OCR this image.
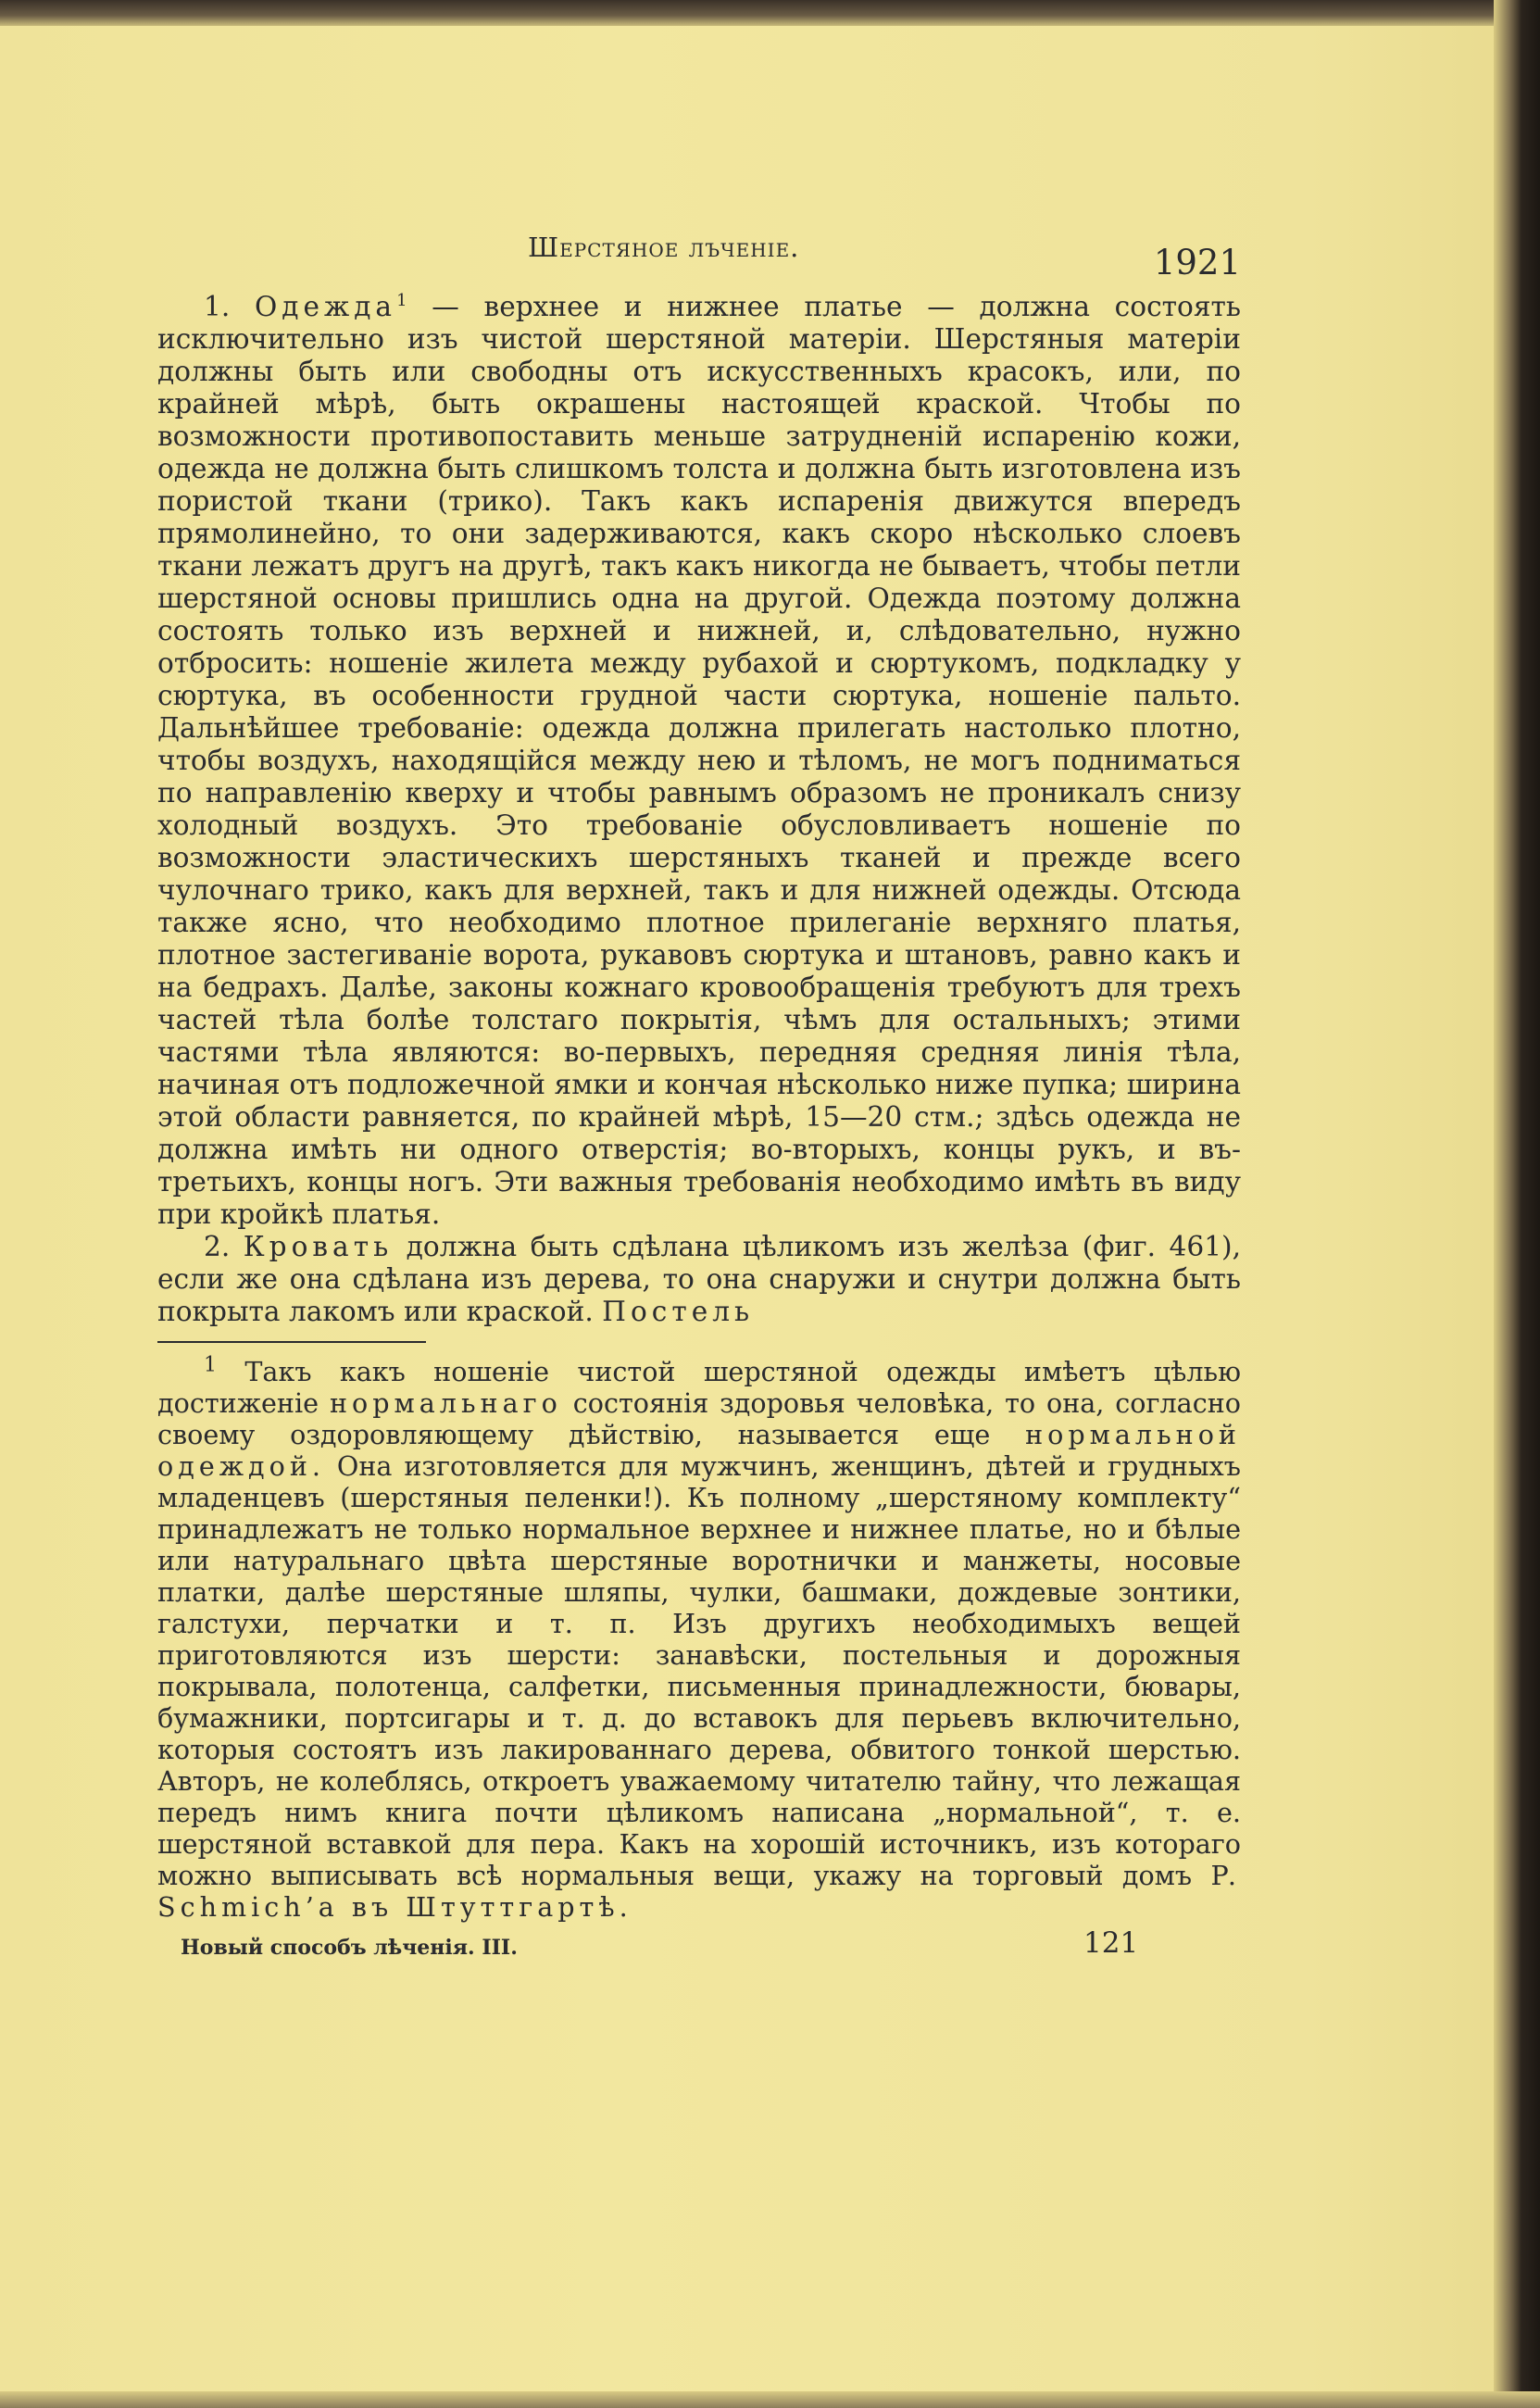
Шерстяное лъченіе.	1921

1. Одежда$^1$ — верхнее и нижнее платье — должна состоять исключительно изъ чистой шерстяной матеріи. Шерстяныя матеріи должны быть или свободны отъ искусственныхъ красокъ, или, по крайней мѣрѣ, быть окрашены настоящей краской. Чтобы по возможности противопоставить меньше затрудненій испаренію кожи, одежда не должна быть слишкомъ толста и должна быть изготовлена изъ пористой ткани (трико). Такъ какъ испаренія движутся впередъ прямолинейно, то они задерживаются, какъ скоро нѣсколько слоевъ ткани лежатъ другъ на другѣ, такъ какъ никогда не бываетъ, чтобы петли шерстяной основы пришлись одна на другой. Одежда поэтому должна состоять только изъ верхней и нижней, и, слѣдовательно, нужно отбросить: ношеніе жилета между рубахой и сюртукомъ, подкладку у сюртука, въ особенности грудной части сюртука, ношеніе пальто. Дальнѣйшее требованіе: одежда должна прилегать настолько плотно, чтобы воздухъ, находящійся между нею и тѣломъ, не могъ подниматься по направленію кверху и чтобы равнымъ образомъ не проникалъ снизу холодный воздухъ. Это требованіе обусловливаетъ ношеніе по возможности эластическихъ шерстяныхъ тканей и прежде всего чулочнаго трико, какъ для верхней, такъ и для нижней одежды. Отсюда также ясно, что необходимо плотное прилеганіе верхняго платья, плотное застегиваніе ворота, рукавовъ сюртука и штановъ, равно какъ и на бедрахъ. Далѣе, законы кожнаго кровообращенія требуютъ для трехъ частей тѣла болѣе толстаго покрытія, чѣмъ для остальныхъ; этими частями тѣла являются: во-первыхъ, передняя средняя линія тѣла, начиная отъ подложечной ямки и кончая нѣсколько ниже пупка; ширина этой области равняется, по крайней мѣрѣ, 15—20 стм.; здѣсь одежда не должна имѣть ни одного отверстія; во-вторыхъ, концы рукъ, и въ-третьихъ, концы ногъ. Эти важныя требованія необходимо имѣть въ виду при кройкѣ платья.

2. Кровать должна быть сдѣлана цѣликомъ изъ желѣза (фиг. 461), если же она сдѣлана изъ дерева, то она снаружи и снутри должна быть покрыта лакомъ или краской. Постель

$^1$ Такъ какъ ношеніе чистой шерстяной одежды имѣетъ цѣлью достиженіе нормальнаго состоянія здоровья человѣка, то она, согласно своему оздоровляющему дѣйствію, называется еще нормальной одеждой. Она изготовляется для мужчинъ, женщинъ, дѣтей и грудныхъ младенцевъ (шерстяныя пеленки!). Къ полному „шерстяному комплекту“ принадлежатъ не только нормальное верхнее и нижнее платье, но и бѣлые или натуральнаго цвѣта шерстяные воротнички и манжеты, носовые платки, далѣе шерстяные шляпы, чулки, башмаки, дождевые зонтики, галстухи, перчатки и т. п. Изъ другихъ необходимыхъ вещей приготовляются изъ шерсти: занавѣски, постельныя и дорожныя покрывала, полотенца, салфетки, письменныя принадлежности, бювары, бумажники, портсигары и т. д. до вставокъ для перьевъ включительно, которыя состоятъ изъ лакированнаго дерева, обвитого тонкой шерстью. Авторъ, не колеблясь, откроетъ уважаемому читателю тайну, что лежащая передъ нимъ книга почти цѣликомъ написана „нормальной“, т. е. шерстяной вставкой для пера. Какъ на хорошій источникъ, изъ котораго можно выписывать всѣ нормальныя вещи, укажу на торговый домъ P. Schmich’a въ Штуттгартѣ.

Новый способъ лѣченія. III.	121
